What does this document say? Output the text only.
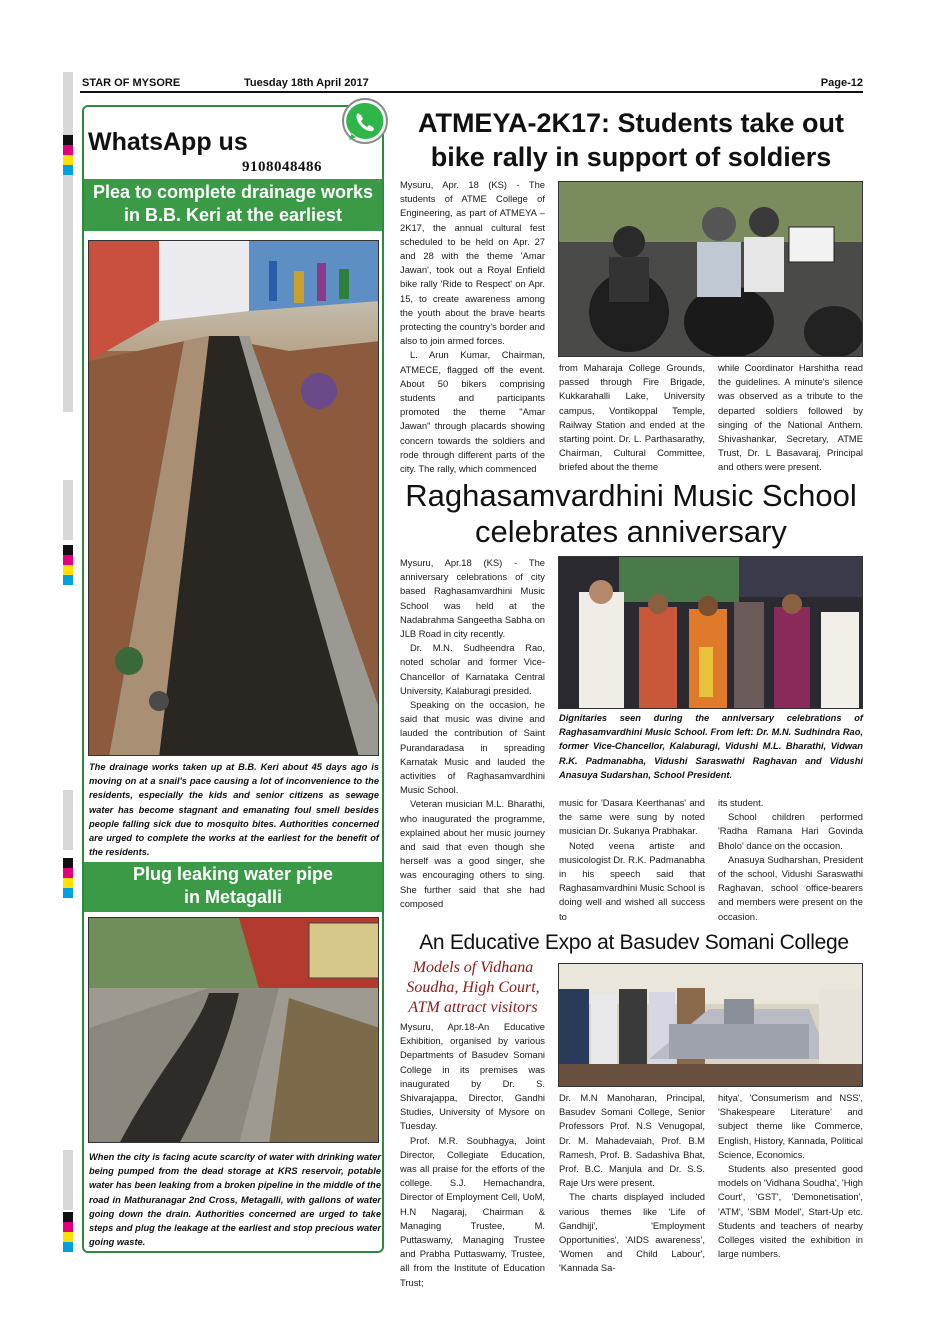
STAR OF MYSORE	Tuesday 18th April 2017	Page-12
WhatsApp us
9108048486
Plea to complete drainage works
in B.B. Keri at the earliest
The drainage works taken up at B.B. Keri about 45 days ago is moving on at a snail's pace causing a lot of inconvenience to the residents, especially the kids and senior citizens as sewage water has become stagnant and emanating foul smell besides people falling sick due to mosquito bites. Authorities concerned are urged to complete the works at the earliest for the benefit of the residents.
Plug leaking water pipe
in Metagalli
When the city is facing acute scarcity of water with drinking water being pumped from the dead storage at KRS reservoir, potable water has been leaking from a broken pipeline in the middle of the road in Mathuranagar 2nd Cross, Metagalli, with gallons of water going down the drain. Authorities concerned are urged to take steps and plug the leakage at the earliest and stop precious water going waste.
ATMEYA-2K17: Students take out
bike rally in support of soldiers

Mysuru, Apr. 18 (KS) - The students of ATME College of Engineering, as part of ATMEYA – 2K17, the annual cultural fest scheduled to be held on Apr. 27 and 28 with the theme 'Amar Jawan', took out a Royal Enfield bike rally 'Ride to Respect' on Apr. 15, to create awareness among the youth about the brave hearts protecting the country's border and also to join armed forces.

L. Arun Kumar, Chairman, ATMECE, flagged off the event. About 50 bikers comprising students and participants promoted the theme "Amar Jawan" through placards showing concern towards the soldiers and rode through different parts of the city. The rally, which commenced

from Maharaja College Grounds, passed through Fire Brigade, Kukkarahalli Lake, University campus, Vontikoppal Temple, Railway Station and ended at the starting point. Dr. L. Parthasarathy, Chairman, Cultural Committee, briefed about the theme

while Coordinator Harshitha read the guidelines. A minute's silence was observed as a tribute to the departed soldiers followed by singing of the National Anthem. Shivashankar, Secretary, ATME Trust, Dr. L Basavaraj, Principal and others were present.

Raghasamvardhini Music School
celebrates anniversary

Mysuru, Apr.18 (KS) - The anniversary celebrations of city based Raghasamvardhini Music School was held at the Nadabrahma Sangeetha Sabha on JLB Road in city recently.

Dr. M.N. Sudheendra Rao, noted scholar and former Vice- Chancellor of Karnataka Central University, Kalaburagi presided.

Speaking on the occasion, he said that music was divine and lauded the contribution of Saint Purandaradasa in spreading Karnatak Music and lauded the activities of Raghasamvardhini Music School.

Veteran musician M.L. Bharathi, who inaugurated the programme, explained about her music journey and said that even though she herself was a good singer, she was encouraging others to sing. She further said that she had composed

Dignitaries seen during the anniversary celebrations of Raghasamvardhini Music School. From left: Dr. M.N. Sudhindra Rao, former Vice-Chancellor, Kalaburagi, Vidushi M.L. Bharathi, Vidwan R.K. Padmanabha, Vidushi Saraswathi Raghavan and Vidushi Anasuya Sudarshan, School President.

music for 'Dasara Keerthanas' and the same were sung by noted musician Dr. Sukanya Prabhakar.

Noted veena artiste and musicologist Dr. R.K. Padmanabha in his speech said that Raghasamvardhini Music School is doing well and wished all success to

its student.

School children performed 'Radha Ramana Hari Govinda Bholo' dance on the occasion.

Anasuya Sudharshan, President of the school, Vidushi Saraswathi Raghavan, school office-bearers and members were present on the occasion.

An Educative Expo at Basudev Somani College
Models of Vidhana
Soudha, High Court,
ATM attract visitors

Mysuru, Apr.18-An Educative Exhibition, organised by various Departments of Basudev Somani College in its premises was inaugurated by Dr. S. Shivarajappa, Director, Gandhi Studies, University of Mysore on Tuesday.

Prof. M.R. Soubhagya, Joint Director, Collegiate Education, was all praise for the efforts of the college. S.J. Hemachandra, Director of Employment Cell, UoM, H.N Nagaraj, Chairman & Managing Trustee, M. Puttaswamy, Managing Trustee and Prabha Puttaswamy, Trustee, all from the Institute of Education Trust;

Dr. M.N Manoharan, Principal, Basudev Somani College, Senior Professors Prof. N.S Venugopal, Dr. M. Mahadevaiah, Prof. B.M Ramesh, Prof. B. Sadashiva Bhat, Prof. B.C. Manjula and Dr. S.S. Raje Urs were present.

The charts displayed included various themes like 'Life of Gandhiji', 'Employment Opportunities', 'AIDS awareness', 'Women and Child Labour', 'Kannada Sa-

hitya', 'Consumerism and NSS', 'Shakespeare Literature' and subject theme like Commerce, English, History, Kannada, Political Science, Economics.

Students also presented good models on 'Vidhana Soudha', 'High Court', 'GST', 'Demonetisation', 'ATM', 'SBM Model', Start-Up etc. Students and teachers of nearby Colleges visited the exhibition in large numbers.
